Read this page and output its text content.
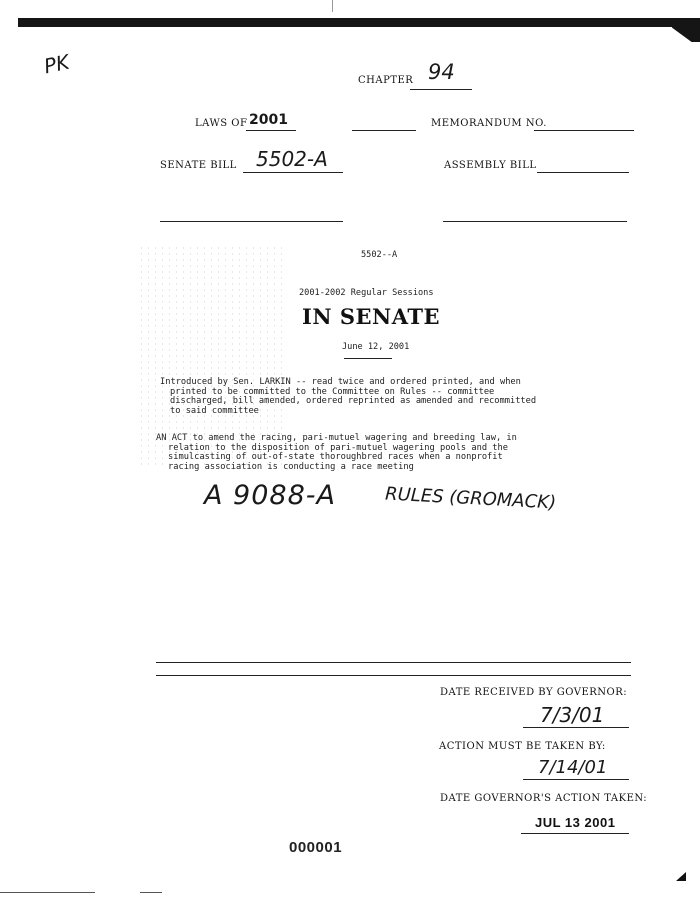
PK
CHAPTER 94
LAWS OF 2001	MEMORANDUM NO.
SENATE BILL 5502-A	ASSEMBLY BILL
5502--A
2001-2002 Regular Sessions
IN SENATE
June 12, 2001
Introduced by Sen. LARKIN -- read twice and ordered printed, and when
printed to be committed to the Committee on Rules -- committee
discharged, bill amended, ordered reprinted as amended and recommitted
to said committee
AN ACT to amend the racing, pari-mutuel wagering and breeding law, in
relation to the disposition of pari-mutuel wagering pools and the
simulcasting of out-of-state thoroughbred races when a nonprofit
racing association is conducting a race meeting
A 9088-A	RULES (GROMACK)
DATE RECEIVED BY GOVERNOR:
7/3/01
ACTION MUST BE TAKEN BY:
7/14/01
DATE GOVERNOR'S ACTION TAKEN:
JUL 13 2001
000001
